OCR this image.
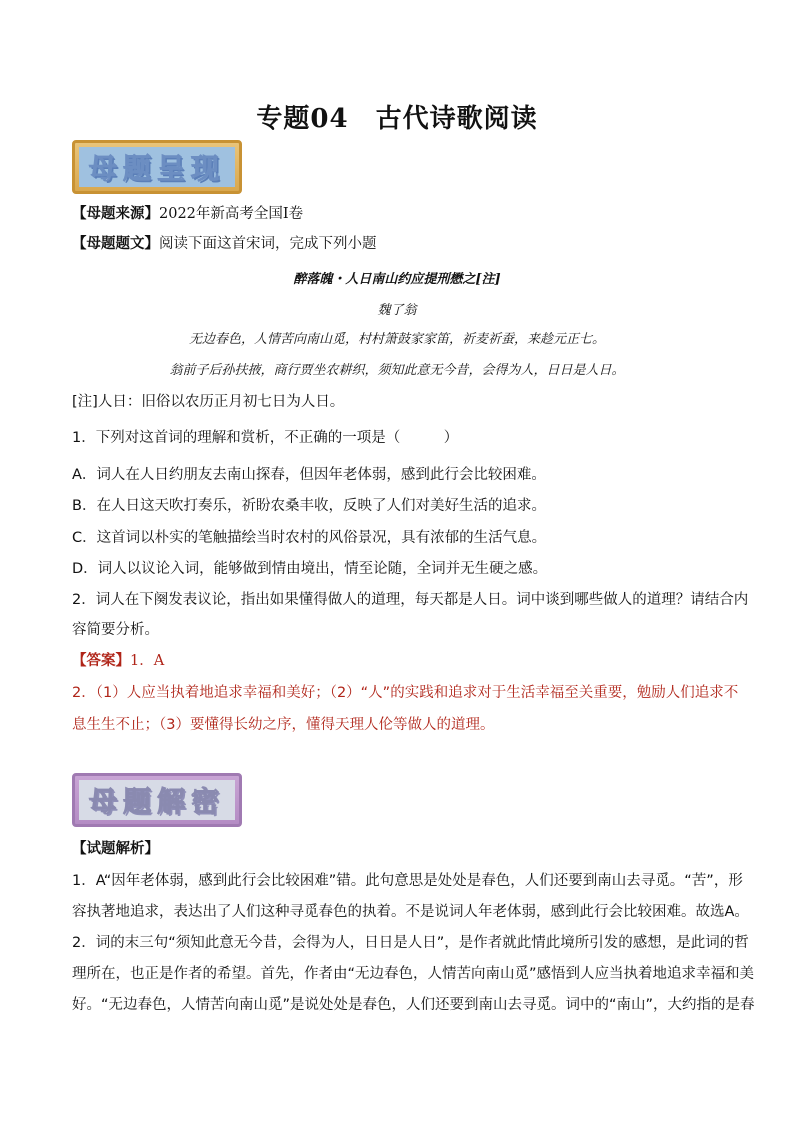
专题04　古代诗歌阅读
母题呈现
【母题来源】2022年新高考全国Ⅰ卷
【母题题文】阅读下面这首宋词，完成下列小题
醉落魄・人日南山约应提刑懋之[注]
魏了翁
无边春色，人情苦向南山觅，村村箫鼓家家笛，祈麦祈蚕，来趁元正七。
翁前子后孙扶掖，商行贾坐农耕织，须知此意无今昔，会得为人，日日是人日。
[注]人日：旧俗以农历正月初七日为人日。
1．下列对这首词的理解和赏析，不正确的一项是（　　　）
A．词人在人日约朋友去南山探春，但因年老体弱，感到此行会比较困难。
B．在人日这天吹打奏乐，祈盼农桑丰收，反映了人们对美好生活的追求。
C．这首词以朴实的笔触描绘当时农村的风俗景况，具有浓郁的生活气息。
D．词人以议论入词，能够做到情由境出，情至论随，全词并无生硬之感。
2．词人在下阕发表议论，指出如果懂得做人的道理，每天都是人日。词中谈到哪些做人的道理？请结合内
容简要分析。
【答案】1．A
2．（1）人应当执着地追求幸福和美好；（2）“人”的实践和追求对于生活幸福至关重要，勉励人们追求不
息生生不止；（3）要懂得长幼之序，懂得天理人伦等做人的道理。
母题解密
【试题解析】
1．A“因年老体弱，感到此行会比较困难”错。此句意思是处处是春色，人们还要到南山去寻觅。“苦”，形
容执著地追求，表达出了人们这种寻觅春色的执着。不是说词人年老体弱，感到此行会比较困难。故选A。
2．词的末三句“须知此意无今昔，会得为人，日日是人日”，是作者就此情此境所引发的感想，是此词的哲
理所在，也正是作者的希望。首先，作者由“无边春色，人情苦向南山觅”感悟到人应当执着地追求幸福和美
好。“无边春色，人情苦向南山觅”是说处处是春色，人们还要到南山去寻觅。词中的“南山”，大约指的是春
